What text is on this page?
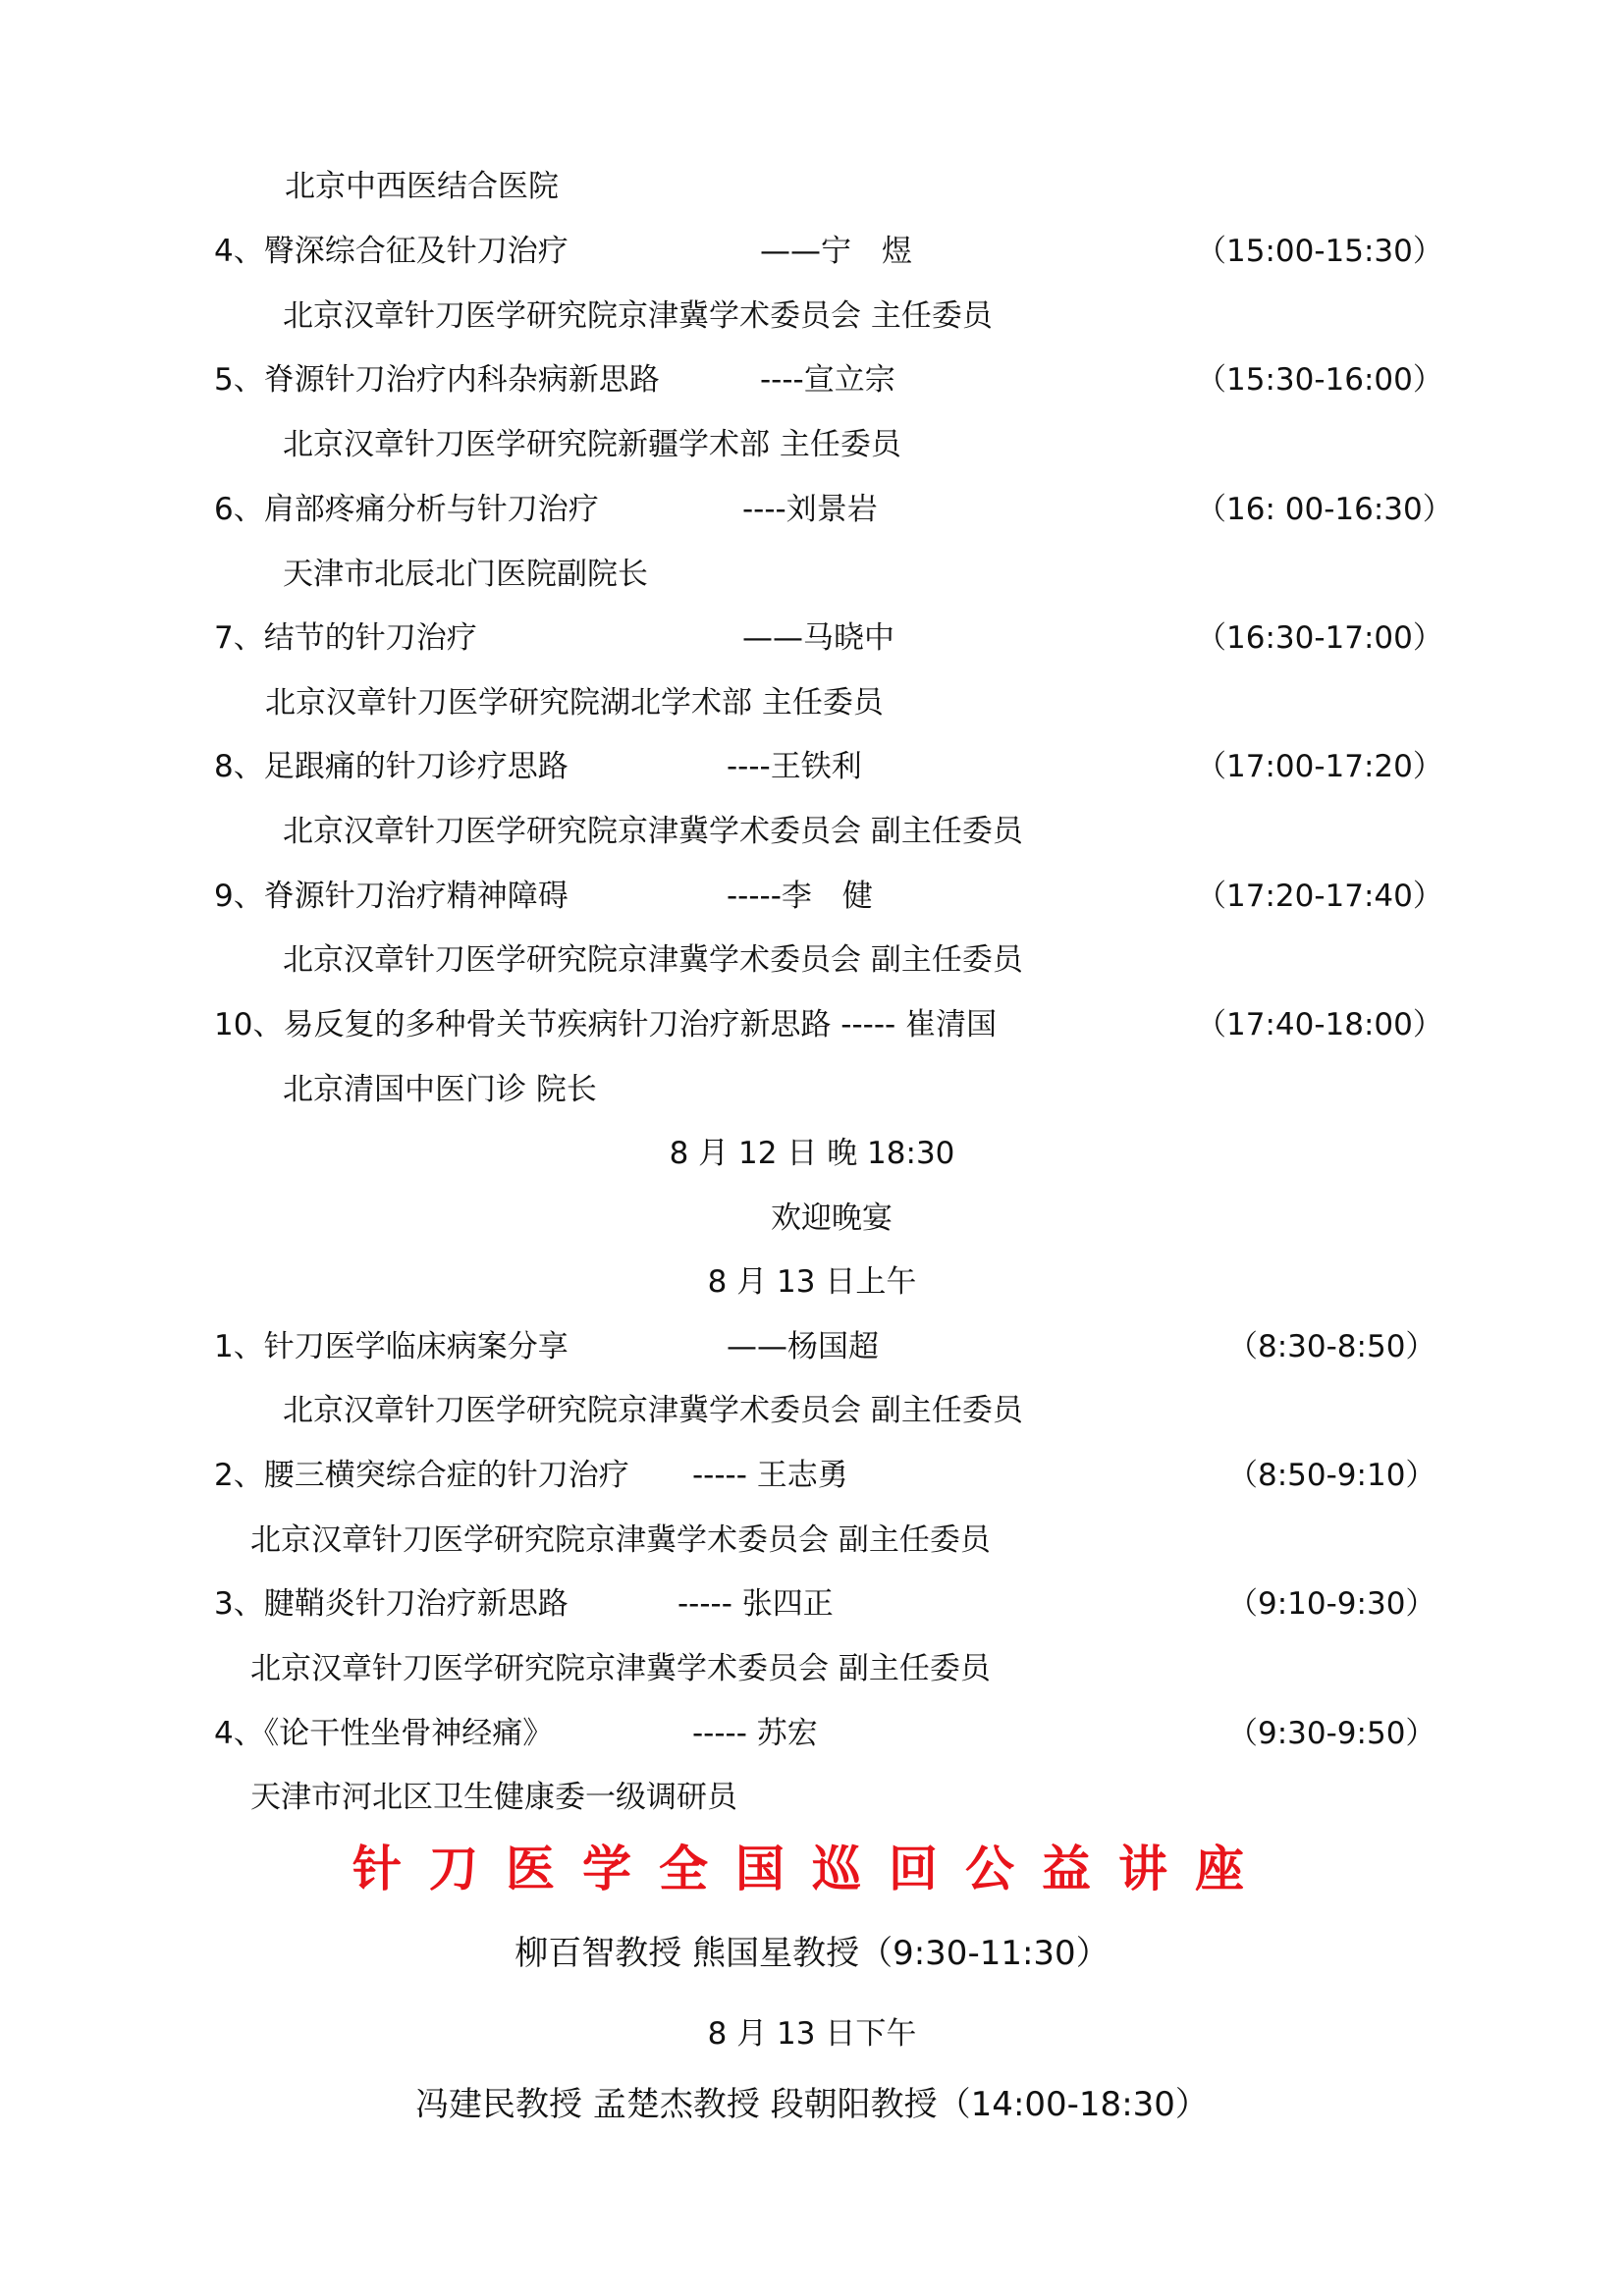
北京中西医结合医院
4、臀深综合征及针刀治疗	——宁　煜	（15:00-15:30）
北京汉章针刀医学研究院京津冀学术委员会 主任委员
5、脊源针刀治疗内科杂病新思路	----宣立宗	（15:30-16:00）
北京汉章针刀医学研究院新疆学术部 主任委员
6、肩部疼痛分析与针刀治疗	----刘景岩	（16: 00-16:30）
天津市北辰北门医院副院长
7、结节的针刀治疗	——马晓中	（16:30-17:00）
北京汉章针刀医学研究院湖北学术部 主任委员
8、足跟痛的针刀诊疗思路	----王铁利	（17:00-17:20）
北京汉章针刀医学研究院京津冀学术委员会 副主任委员
9、脊源针刀治疗精神障碍	-----李　健	（17:20-17:40）
北京汉章针刀医学研究院京津冀学术委员会 副主任委员
10、易反复的多种骨关节疾病针刀治疗新思路 ----- 崔清国	（17:40-18:00）
北京清国中医门诊 院长
8 月 12 日 晚 18:30
欢迎晚宴
8 月 13 日上午
1、针刀医学临床病案分享	——杨国超	（8:30-8:50）
北京汉章针刀医学研究院京津冀学术委员会 副主任委员
2、腰三横突综合症的针刀治疗 ----- 王志勇	（8:50-9:10）
北京汉章针刀医学研究院京津冀学术委员会 副主任委员
3、腱鞘炎针刀治疗新思路	----- 张四正	（9:10-9:30）
北京汉章针刀医学研究院京津冀学术委员会 副主任委员
4、《论干性坐骨神经痛》	----- 苏宏	（9:30-9:50）
天津市河北区卫生健康委一级调研员
针刀医学全国巡回公益讲座
柳百智教授 熊国星教授（9:30-11:30）
8 月 13 日下午
冯建民教授 孟楚杰教授 段朝阳教授（14:00-18:30）
